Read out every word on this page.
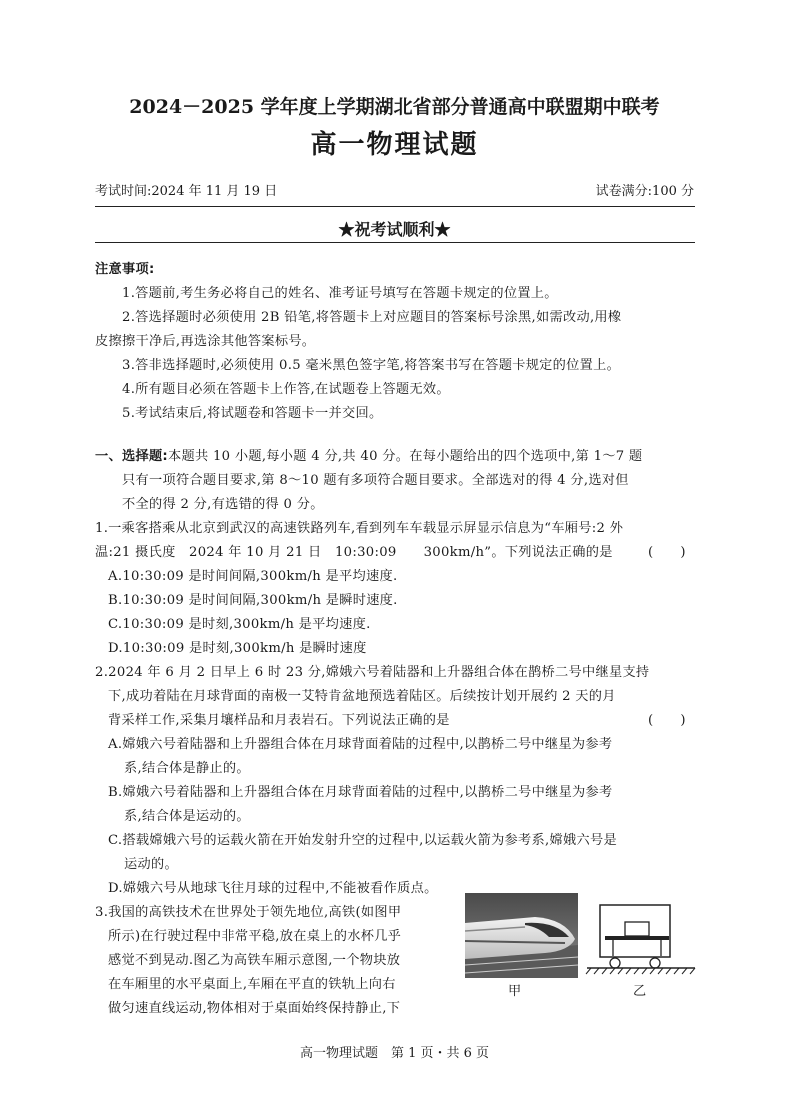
2024－2025 学年度上学期湖北省部分普通高中联盟期中联考
高一物理试题
考试时间:2024 年 11 月 19 日	试卷满分:100 分
★祝考试顺利★
注意事项:
1.答题前,考生务必将自己的姓名、准考证号填写在答题卡规定的位置上。
2.答选择题时必须使用 2B 铅笔,将答题卡上对应题目的答案标号涂黑,如需改动,用橡
皮擦擦干净后,再选涂其他答案标号。
3.答非选择题时,必须使用 0.5 毫米黑色签字笔,将答案书写在答题卡规定的位置上。
4.所有题目必须在答题卡上作答,在试题卷上答题无效。
5.考试结束后,将试题卷和答题卡一并交回。
一、选择题:本题共 10 小题,每小题 4 分,共 40 分。在每小题给出的四个选项中,第 1～7 题
只有一项符合题目要求,第 8～10 题有多项符合题目要求。全部选对的得 4 分,选对但
不全的得 2 分,有选错的得 0 分。
1.一乘客搭乘从北京到武汉的高速铁路列车,看到列车车载显示屏显示信息为“车厢号:2 外
温:21 摄氏度　2024 年 10 月 21 日　10:30:09　　300km/h”。下列说法正确的是	(　　)
A.10:30:09 是时间间隔,300km/h 是平均速度.
B.10:30:09 是时间间隔,300km/h 是瞬时速度.
C.10:30:09 是时刻,300km/h 是平均速度.
D.10:30:09 是时刻,300km/h 是瞬时速度
2.2024 年 6 月 2 日早上 6 时 23 分,嫦娥六号着陆器和上升器组合体在鹊桥二号中继星支持
下,成功着陆在月球背面的南极一艾特肯盆地预选着陆区。后续按计划开展约 2 天的月
背采样工作,采集月壤样品和月表岩石。下列说法正确的是	(　　)
A.嫦娥六号着陆器和上升器组合体在月球背面着陆的过程中,以鹊桥二号中继星为参考
系,结合体是静止的。
B.嫦娥六号着陆器和上升器组合体在月球背面着陆的过程中,以鹊桥二号中继星为参考
系,结合体是运动的。
C.搭载嫦娥六号的运载火箭在开始发射升空的过程中,以运载火箭为参考系,嫦娥六号是
运动的。
D.嫦娥六号从地球飞往月球的过程中,不能被看作质点。
3.我国的高铁技术在世界处于领先地位,高铁(如图甲
所示)在行驶过程中非常平稳,放在桌上的水杯几乎
感觉不到晃动.图乙为高铁车厢示意图,一个物块放
在车厢里的水平桌面上,车厢在平直的铁轨上向右
做匀速直线运动,物体相对于桌面始终保持静止,下
甲	乙
高一物理试题　第 1 页・共 6 页
